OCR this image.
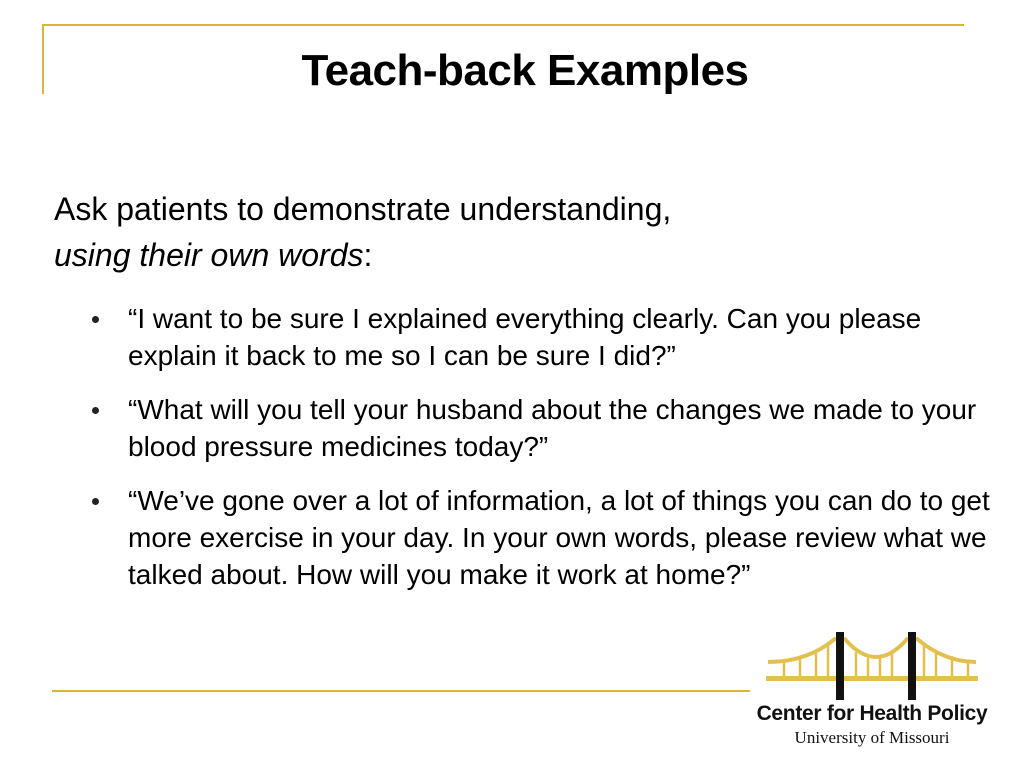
Teach-back Examples
Ask patients to demonstrate understanding,
using their own words:
“I want to be sure I explained everything clearly. Can you please explain it back to me so I can be sure I did?”
“What will you tell your husband about the changes we made to your blood pressure medicines today?”
“We’ve gone over a lot of information, a lot of things you can do to get more exercise in your day. In your own words, please review what we talked about. How will you make it work at home?”
Center for Health Policy
University of Missouri
